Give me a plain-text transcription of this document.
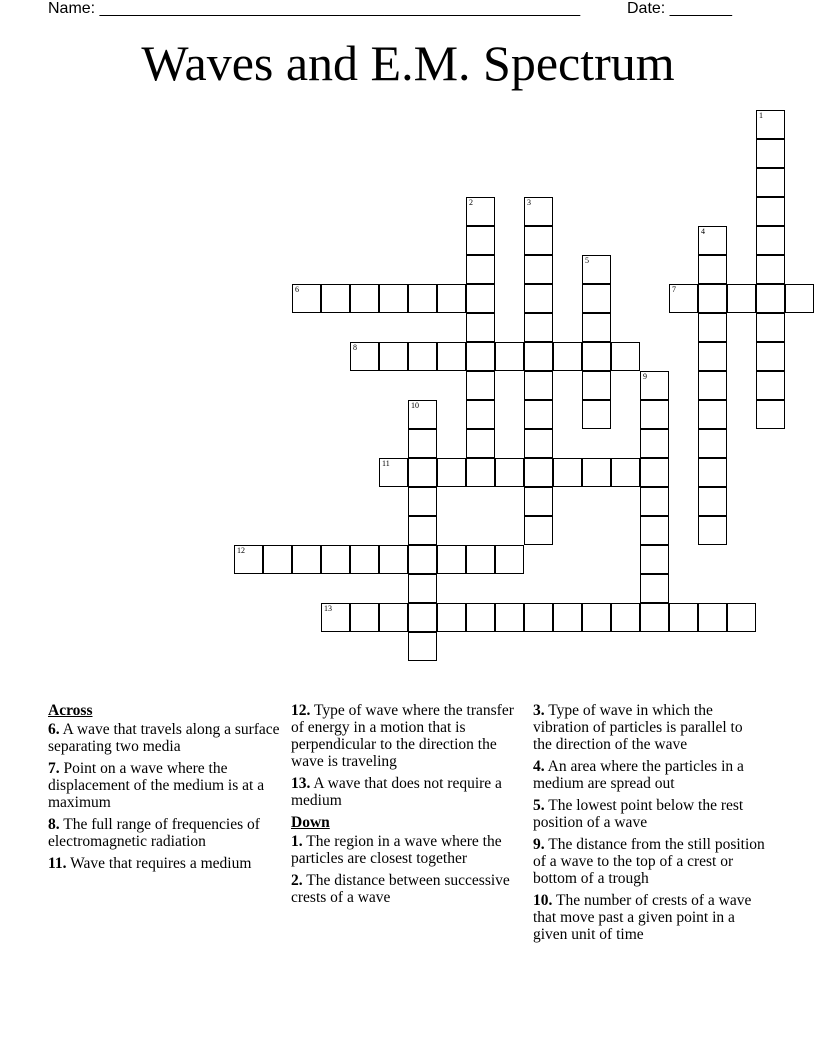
Name: ______________________________________________________	Date: _______
Waves and E.M. Spectrum
6	7
8
11
12
13
1
2	3
4
5
9
10
Across
6. A wave that travels along a surface separating two media
7. Point on a wave where the displacement of the medium is at a maximum
8. The full range of frequencies of electromagnetic radiation
11. Wave that requires a medium
12. Type of wave where the transfer of energy in a motion that is perpendicular to the direction the wave is traveling
13. A wave that does not require a medium
Down
1. The region in a wave where the particles are closest together
2. The distance between successive crests of a wave
3. Type of wave in which the vibration of particles is parallel to the direction of the wave
4. An area where the particles in a medium are spread out
5. The lowest point below the rest position of a wave
9. The distance from the still position of a wave to the top of a crest or bottom of a trough
10. The number of crests of a wave that move past a given point in a given unit of time
